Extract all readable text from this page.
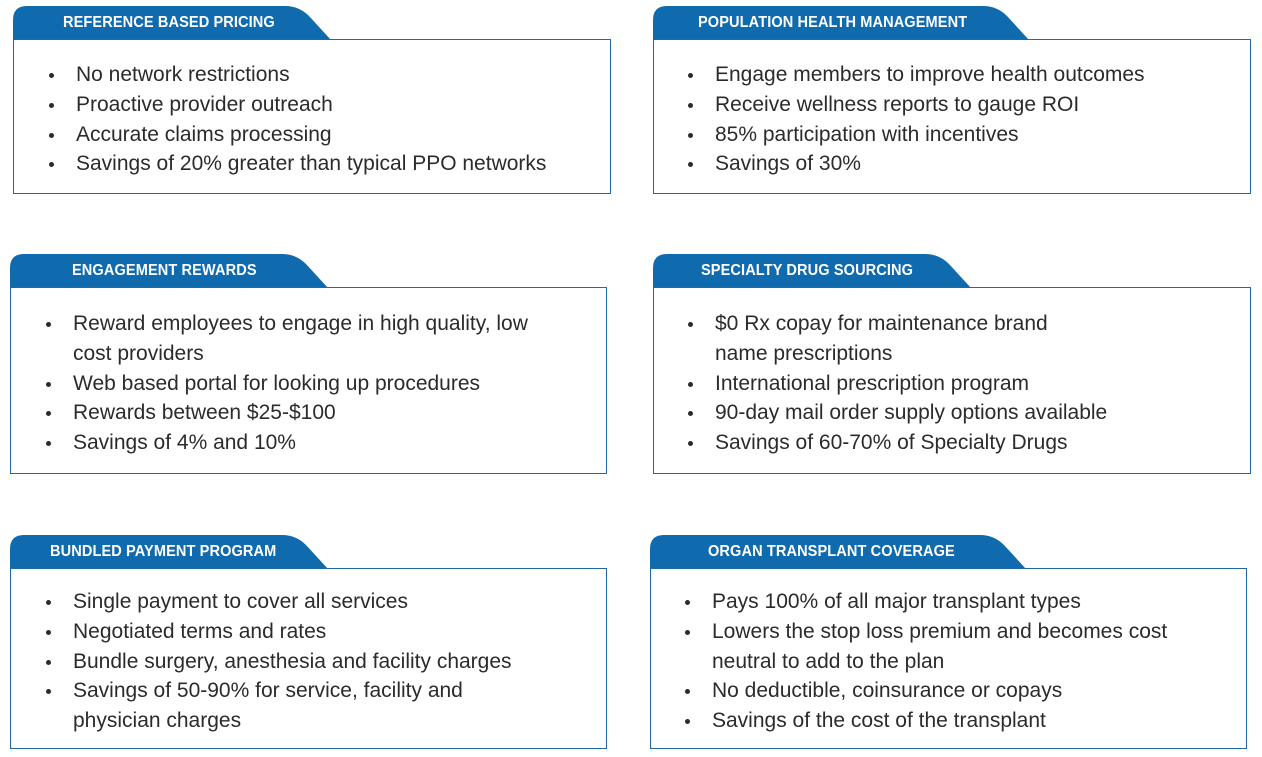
REFERENCE BASED PRICING
No network restrictions
Proactive provider outreach
Accurate claims processing
Savings of 20% greater than typical PPO networks
POPULATION HEALTH MANAGEMENT
Engage members to improve health outcomes
Receive wellness reports to gauge ROI
85% participation with incentives
Savings of 30%
ENGAGEMENT REWARDS
Reward employees to engage in high quality, low cost providers
Web based portal for looking up procedures
Rewards between $25-$100
Savings of 4% and 10%
SPECIALTY DRUG SOURCING
$0 Rx copay for maintenance brand name prescriptions
International prescription program
90-day mail order supply options available
Savings of 60-70% of Specialty Drugs
BUNDLED PAYMENT PROGRAM
Single payment to cover all services
Negotiated terms and rates
Bundle surgery, anesthesia and facility charges
Savings of 50-90% for service, facility and physician charges
ORGAN TRANSPLANT COVERAGE
Pays 100% of all major transplant types
Lowers the stop loss premium and becomes cost neutral to add to the plan
No deductible, coinsurance or copays
Savings of the cost of the transplant
